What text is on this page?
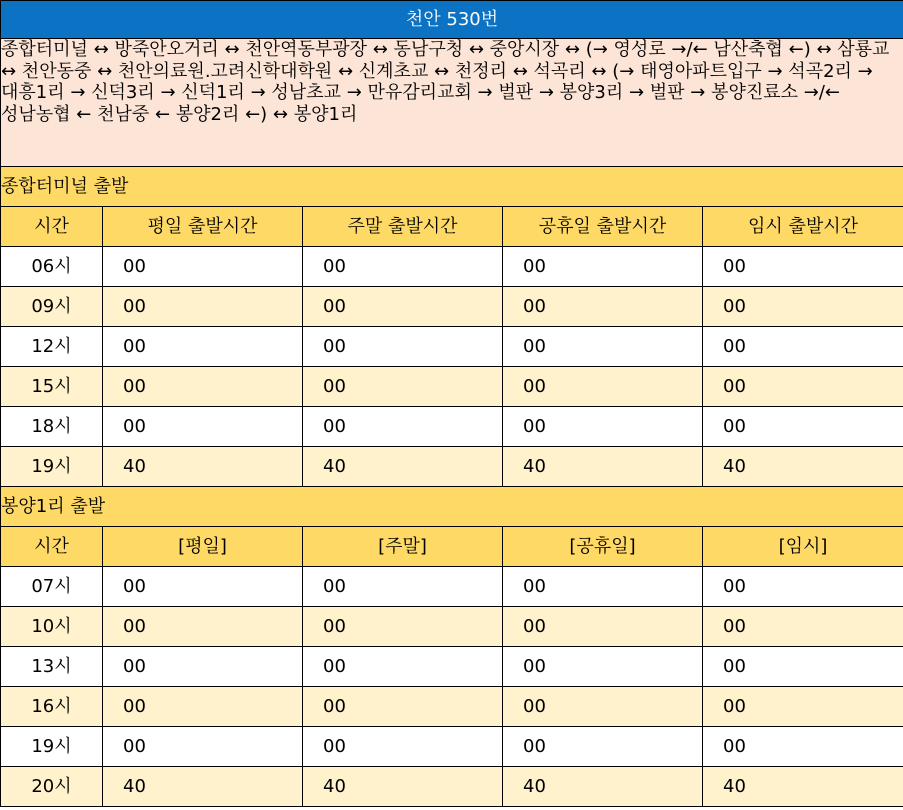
천안 530번				
종합터미널 ↔ 방죽안오거리 ↔ 천안역동부광장 ↔ 동남구청 ↔ 중앙시장 ↔ (→ 영성로 →/← 남산축협 ←) ↔ 삼룡교 ↔ 천안동중 ↔ 천안의료원.고려신학대학원 ↔ 신계초교 ↔ 천정리 ↔ 석곡리 ↔ (→ 태영아파트입구 → 석곡2리 → 대흥1리 → 신덕3리 → 신덕1리 → 성남초교 → 만유감리교회 → 벌판 → 봉양3리 → 벌판 → 봉양진료소 →/← 성남농협 ← 천남중 ← 봉양2리 ←) ↔ 봉양1리				
종합터미널 출발				
시간	평일 출발시간	주말 출발시간	공휴일 출발시간	임시 출발시간
06시	00	00	00	00
09시	00	00	00	00
12시	00	00	00	00
15시	00	00	00	00
18시	00	00	00	00
19시	40	40	40	40
봉양1리 출발				
시간	[평일]	[주말]	[공휴일]	[임시]
07시	00	00	00	00
10시	00	00	00	00
13시	00	00	00	00
16시	00	00	00	00
19시	00	00	00	00
20시	40	40	40	40
